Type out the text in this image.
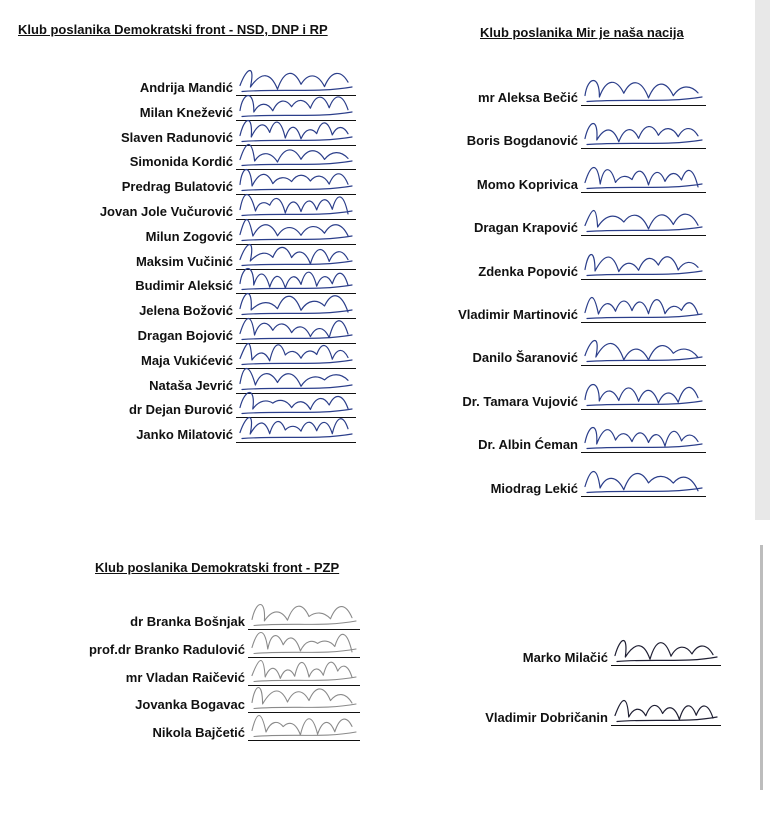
Klub poslanika Demokratski front - NSD, DNP i RP
Andrija Mandić
Milan Knežević
Slaven Radunović
Simonida Kordić
Predrag Bulatović
Jovan Jole Vučurović
Milun Zogović
Maksim Vučinić
Budimir Aleksić
Jelena Božović
Dragan Bojović
Maja Vukićević
Nataša Jevrić
dr Dejan Đurović
Janko Milatović
Klub poslanika Mir je naša nacija
mr Aleksa Bečić
Boris Bogdanović
Momo Koprivica
Dragan Krapović
Zdenka Popović
Vladimir Martinović
Danilo Šaranović
Dr. Tamara Vujović
Dr. Albin Ćeman
Miodrag Lekić
Klub poslanika Demokratski front - PZP
dr Branka Bošnjak
prof.dr Branko Radulović
mr Vladan Raičević
Jovanka Bogavac
Nikola Bajčetić
Marko Milačić
Vladimir Dobričanin
